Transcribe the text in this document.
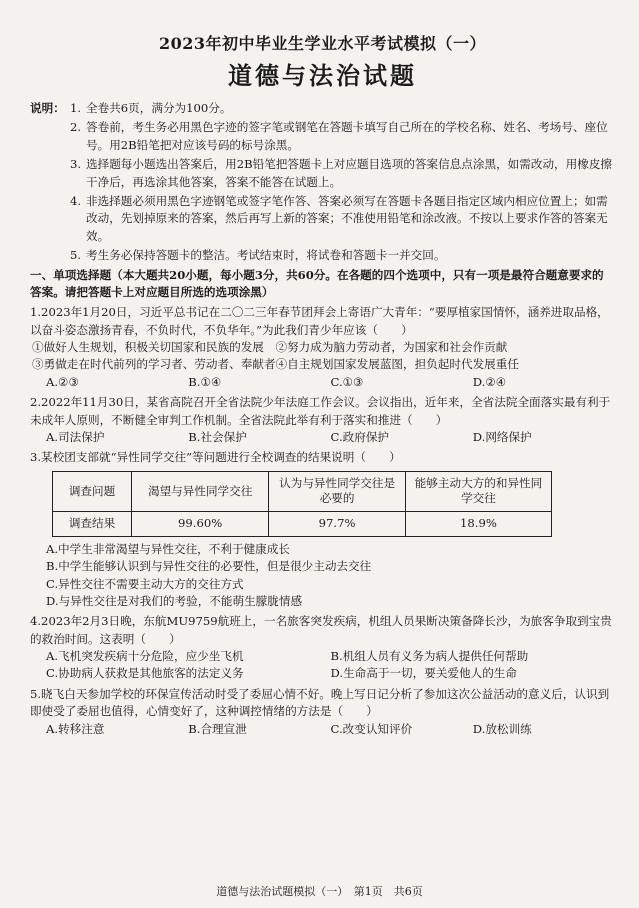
2023年初中毕业生学业水平考试模拟（一）
道德与法治试题
说明： 1. 全卷共6页，满分为100分。
2. 答卷前，考生务必用黑色字迹的签字笔或钢笔在答题卡填写自己所在的学校名称、姓名、考场号、座位号。用2B铅笔把对应该号码的标号涂黑。
3. 选择题每小题选出答案后，用2B铅笔把答题卡上对应题目选项的答案信息点涂黑，如需改动，用橡皮擦干净后，再选涂其他答案，答案不能答在试题上。
4. 非选择题必须用黑色字迹钢笔或签字笔作答、答案必须写在答题卡各题目指定区域内相应位置上；如需改动，先划掉原来的答案，然后再写上新的答案；不准使用铅笔和涂改液。不按以上要求作答的答案无效。
5. 考生务必保持答题卡的整洁。考试结束时，将试卷和答题卡一并交回。
一、单项选择题（本大题共20小题，每小题3分，共60分。在各题的四个选项中，只有一项是最符合题意要求的答案。请把答题卡上对应题目所选的选项涂黑）
1.2023年1月20日，习近平总书记在二〇二三年春节团拜会上寄语广大青年：“要厚植家国情怀，涵养进取品格，以奋斗姿态激扬青春，不负时代，不负华年。”为此我们青少年应该（　　）
①做好人生规划，积极关切国家和民族的发展　②努力成为脑力劳动者，为国家和社会作贡献
③勇做走在时代前列的学习者、劳动者、奉献者④自主规划国家发展蓝图，担负起时代发展重任
A.②③	B.①④	C.①③	D.②④
2.2022年11月30日，某省高院召开全省法院少年法庭工作会议。会议指出，近年来，全省法院全面落实最有利于未成年人原则，不断健全审判工作机制。全省法院此举有利于落实和推进（　　）
A.司法保护	B.社会保护	C.政府保护	D.网络保护
3.某校团支部就“异性同学交往”等问题进行全校调查的结果说明（　　）
调查问题	渴望与异性同学交往	认为与异性同学交往是必要的	能够主动大方的和异性同学交往
调查结果	99.60%	97.7%	18.9%
A.中学生非常渴望与异性交往，不利于健康成长
B.中学生能够认识到与异性交往的必要性，但是很少主动去交往
C.异性交往不需要主动大方的交往方式
D.与异性交往是对我们的考验，不能萌生朦胧情感
4.2023年2月3日晚，东航MU9759航班上，一名旅客突发疾病，机组人员果断决策备降长沙，为旅客争取到宝贵的救治时间。这表明（　　）
A.飞机突发疾病十分危险，应少坐飞机	B.机组人员有义务为病人提供任何帮助
C.协助病人获救是其他旅客的法定义务	D.生命高于一切，要关爱他人的生命
5.晓飞白天参加学校的环保宣传活动时受了委屈心情不好。晚上写日记分析了参加这次公益活动的意义后，认识到即使受了委屈也值得，心情变好了，这种调控情绪的方法是（　　）
A.转移注意	B.合理宣泄	C.改变认知评价	D.放松训练
道德与法治试题模拟（一）　第1页　共6页
